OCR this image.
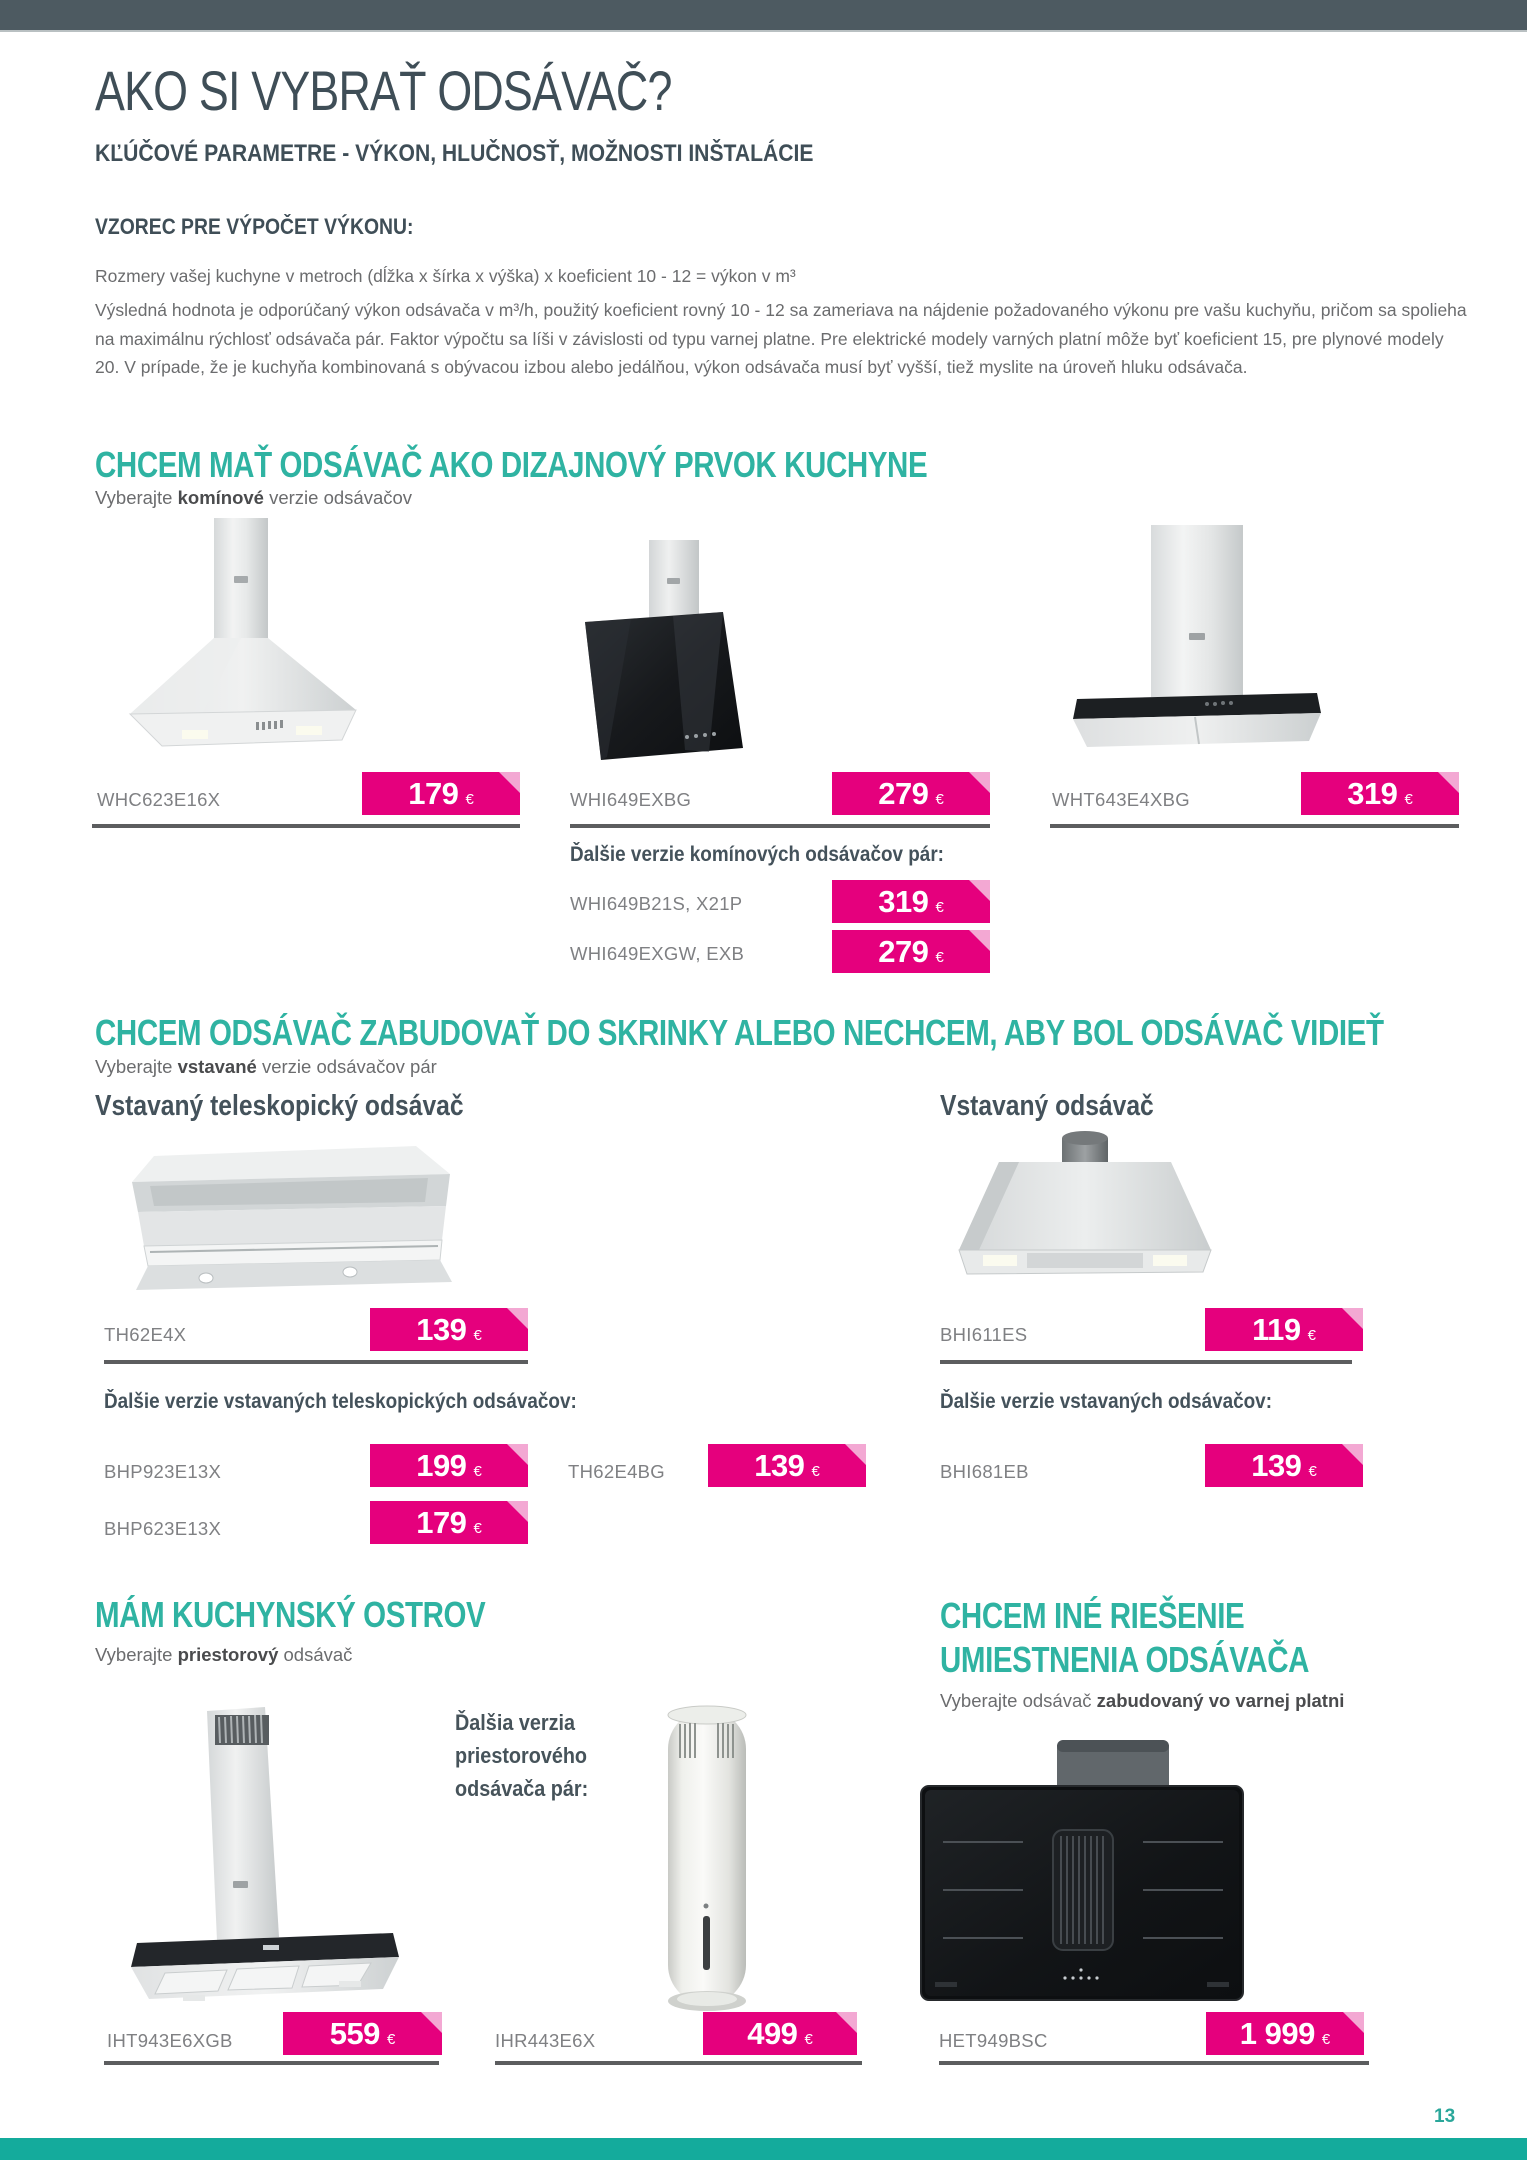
AKO SI VYBRAŤ ODSÁVAČ?
KĽÚČOVÉ PARAMETRE - VÝKON, HLUČNOSŤ, MOŽNOSTI INŠTALÁCIE
VZOREC PRE VÝPOČET VÝKONU:
Rozmery vašej kuchyne v metroch (dĺžka x šírka x výška) x koeficient 10 - 12 = výkon v m³
Výsledná hodnota je odporúčaný výkon odsávača v m³/h, použitý koeficient rovný 10 - 12 sa zameriava na nájdenie požadovaného výkonu pre vašu kuchyňu, pričom sa spolieha na maximálnu rýchlosť odsávača pár. Faktor výpočtu sa líši v závislosti od typu varnej platne. Pre elektrické modely varných platní môže byť koeficient 15, pre plynové modely 20. V prípade, že je kuchyňa kombinovaná s obývacou izbou alebo jedálňou, výkon odsávača musí byť vyšší, tiež myslite na úroveň hluku odsávača.
CHCEM MAŤ ODSÁVAČ AKO DIZAJNOVÝ PRVOK KUCHYNE
Vyberajte komínové verzie odsávačov
WHC623E16X	179 €	WHI649EXBG	279 €	WHT643E4XBG	319 €
Ďalšie verzie komínových odsávačov pár:
WHI649B21S, X21P	319 €
WHI649EXGW, EXB	279 €
CHCEM ODSÁVAČ ZABUDOVAŤ DO SKRINKY ALEBO NECHCEM, ABY BOL ODSÁVAČ VIDIEŤ
Vyberajte vstavané verzie odsávačov pár
Vstavaný teleskopický odsávač	Vstavaný odsávač
TH62E4X	139 €	BHI611ES	119 €
Ďalšie verzie vstavaných teleskopických odsávačov:	Ďalšie verzie vstavaných odsávačov:
BHP923E13X	199 €	TH62E4BG	139 €	BHI681EB	139 €
BHP623E13X	179 €
MÁM KUCHYNSKÝ OSTROV
Vyberajte priestorový odsávač
CHCEM INÉ RIEŠENIE UMIESTNENIA ODSÁVAČA
Vyberajte odsávač zabudovaný vo varnej platni
Ďalšia verzia
priestorového
odsávača pár:
IHT943E6XGB	559 €	IHR443E6X	499 €	HET949BSC	1 999 €
13
